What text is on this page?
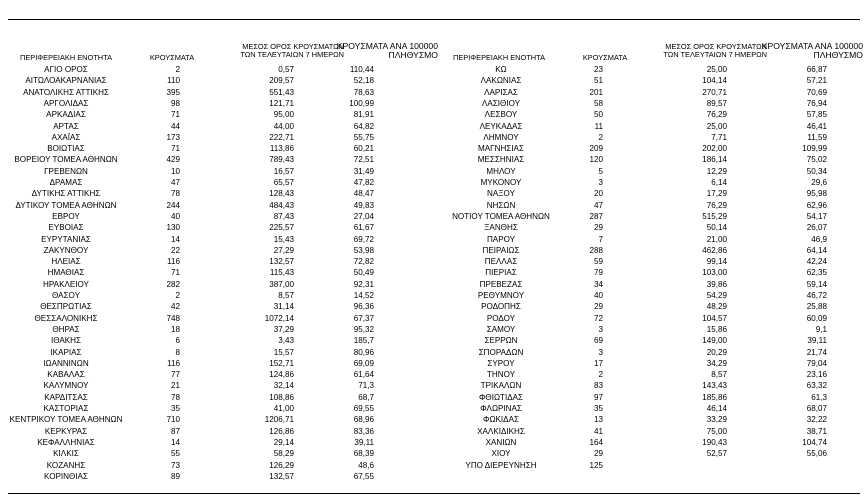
ΠΕΡΙΦΕΡΕΙΑΚΗ ΕΝΟΤΗΤΑ	ΚΡΟΥΣΜΑΤΑ
ΜΕΣΟΣ ΟΡΟΣ ΚΡΟΥΣΜΑΤΩΝ
ΤΩΝ ΤΕΛΕΥΤΑΙΩΝ 7 ΗΜΕΡΩΝ
ΚΡΟΥΣΜΑΤΑ ΑΝΑ 100000
ΠΛΗΘΥΣΜΟ
ΑΓΙΟ ΟΡΟΣ	2	0,57	110,44
ΑΙΤΩΛΟΑΚΑΡΝΑΝΙΑΣ	110	209,57	52,18
ΑΝΑΤΟΛΙΚΗΣ ΑΤΤΙΚΗΣ	395	551,43	78,63
ΑΡΓΟΛΙΔΑΣ	98	121,71	100,99
ΑΡΚΑΔΙΑΣ	71	95,00	81,91
ΑΡΤΑΣ	44	44,00	64,82
ΑΧΑΪΑΣ	173	222,71	55,75
ΒΟΙΩΤΙΑΣ	71	113,86	60,21
ΒΟΡΕΙΟΥ ΤΟΜΕΑ ΑΘΗΝΩΝ	429	789,43	72,51
ΓΡΕΒΕΝΩΝ	10	16,57	31,49
ΔΡΑΜΑΣ	47	65,57	47,82
ΔΥΤΙΚΗΣ ΑΤΤΙΚΗΣ	78	128,43	48,47
ΔΥΤΙΚΟΥ ΤΟΜΕΑ ΑΘΗΝΩΝ	244	484,43	49,83
ΕΒΡΟΥ	40	87,43	27,04
ΕΥΒΟΙΑΣ	130	225,57	61,67
ΕΥΡΥΤΑΝΙΑΣ	14	15,43	69,72
ΖΑΚΥΝΘΟΥ	22	27,29	53,98
ΗΛΕΙΑΣ	116	132,57	72,82
ΗΜΑΘΙΑΣ	71	115,43	50,49
ΗΡΑΚΛΕΙΟΥ	282	387,00	92,31
ΘΑΣΟΥ	2	8,57	14,52
ΘΕΣΠΡΩΤΙΑΣ	42	31,14	96,36
ΘΕΣΣΑΛΟΝΙΚΗΣ	748	1072,14	67,37
ΘΗΡΑΣ	18	37,29	95,32
ΙΘΑΚΗΣ	6	3,43	185,7
ΙΚΑΡΙΑΣ	8	15,57	80,96
ΙΩΑΝΝΙΝΩΝ	116	152,71	69,09
ΚΑΒΑΛΑΣ	77	124,86	61,64
ΚΑΛΥΜΝΟΥ	21	32,14	71,3
ΚΑΡΔΙΤΣΑΣ	78	108,86	68,7
ΚΑΣΤΟΡΙΑΣ	35	41,00	69,55
ΚΕΝΤΡΙΚΟΥ ΤΟΜΕΑ ΑΘΗΝΩΝ	710	1206,71	68,96
ΚΕΡΚΥΡΑΣ	87	126,86	83,36
ΚΕΦΑΛΛΗΝΙΑΣ	14	29,14	39,11
ΚΙΛΚΙΣ	55	58,29	68,39
ΚΟΖΑΝΗΣ	73	126,29	48,6
ΚΟΡΙΝΘΙΑΣ	89	132,57	67,55
ΠΕΡΙΦΕΡΕΙΑΚΗ ΕΝΟΤΗΤΑ	ΚΡΟΥΣΜΑΤΑ
ΜΕΣΟΣ ΟΡΟΣ ΚΡΟΥΣΜΑΤΩΝ
ΤΩΝ ΤΕΛΕΥΤΑΙΩΝ 7 ΗΜΕΡΩΝ
ΚΡΟΥΣΜΑΤΑ ΑΝΑ 100000
ΠΛΗΘΥΣΜΟ
ΚΩ	23	25,00	66,87
ΛΑΚΩΝΙΑΣ	51	104,14	57,21
ΛΑΡΙΣΑΣ	201	270,71	70,69
ΛΑΣΙΘΙΟΥ	58	89,57	76,94
ΛΕΣΒΟΥ	50	76,29	57,85
ΛΕΥΚΑΔΑΣ	11	25,00	46,41
ΛΗΜΝΟΥ	2	7,71	11,59
ΜΑΓΝΗΣΙΑΣ	209	202,00	109,99
ΜΕΣΣΗΝΙΑΣ	120	186,14	75,02
ΜΗΛΟΥ	5	12,29	50,34
ΜΥΚΟΝΟΥ	3	6,14	29,6
ΝΑΞΟΥ	20	17,29	95,98
ΝΗΣΩΝ	47	76,29	62,96
ΝΟΤΙΟΥ ΤΟΜΕΑ ΑΘΗΝΩΝ	287	515,29	54,17
ΞΑΝΘΗΣ	29	50,14	26,07
ΠΑΡΟΥ	7	21,00	46,9
ΠΕΙΡΑΙΩΣ	288	462,86	64,14
ΠΕΛΛΑΣ	59	99,14	42,24
ΠΙΕΡΙΑΣ	79	103,00	62,35
ΠΡΕΒΕΖΑΣ	34	39,86	59,14
ΡΕΘΥΜΝΟΥ	40	54,29	46,72
ΡΟΔΟΠΗΣ	29	48,29	25,88
ΡΟΔΟΥ	72	104,57	60,09
ΣΑΜΟΥ	3	15,86	9,1
ΣΕΡΡΩΝ	69	149,00	39,11
ΣΠΟΡΑΔΩΝ	3	20,29	21,74
ΣΥΡΟΥ	17	34,29	79,04
ΤΗΝΟΥ	2	8,57	23,16
ΤΡΙΚΑΛΩΝ	83	143,43	63,32
ΦΘΙΩΤΙΔΑΣ	97	185,86	61,3
ΦΛΩΡΙΝΑΣ	35	46,14	68,07
ΦΩΚΙΔΑΣ	13	33,29	32,22
ΧΑΛΚΙΔΙΚΗΣ	41	75,00	38,71
ΧΑΝΙΩΝ	164	190,43	104,74
ΧΙΟΥ	29	52,57	55,06
ΥΠΟ ΔΙΕΡΕΥΝΗΣΗ	125
